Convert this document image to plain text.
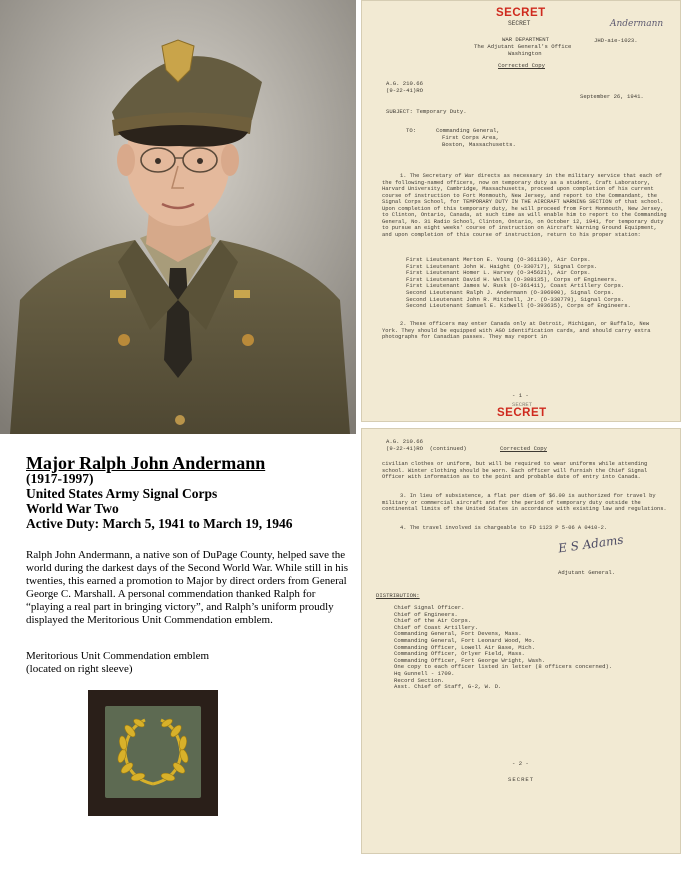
SECRET
SECRET	Andermann
WAR DEPARTMENT
The Adjutant General's Office
Washington
JHD-aie-1023.
Corrected Copy
A.G. 210.66
(9-22-41)RO
September 26, 1941.
SUBJECT: Temporary Duty.
TO:	Commanding General,
First Corps Area,
Boston, Massachusetts.
1. The Secretary of War directs as necessary in the military service that each of the following-named officers, now on temporary duty as a student, Craft Laboratory, Harvard University, Cambridge, Massachusetts, proceed upon completion of his current course of instruction to Fort Monmouth, New Jersey, and report to the Commandant, the Signal Corps School, for TEMPORARY DUTY IN THE AIRCRAFT WARNING SECTION of that school. Upon completion of this temporary duty, he will proceed from Fort Monmouth, New Jersey, to Clinton, Ontario, Canada, at such time as will enable him to report to the Commanding General, No. 31 Radio School, Clinton, Ontario, on October 12, 1941, for temporary duty to pursue an eight weeks' course of instruction on Aircraft Warning Ground Equipment, and upon completion of this course of instruction, return to his proper station:
First Lieutenant Merton E. Young (O-361130), Air Corps.
First Lieutenant John W. Haight (O-330717), Signal Corps.
First Lieutenant Homer L. Harvey (O-345621), Air Corps.
First Lieutenant David H. Wells (O-308135), Corps of Engineers.
First Lieutenant James W. Rusk (O-361411), Coast Artillery Corps.
Second Lieutenant Ralph J. Andermann (O-396990), Signal Corps.
Second Lieutenant John R. Mitchell, Jr. (O-330779), Signal Corps.
Second Lieutenant Samuel E. Kidwell (O-393635), Corps of Engineers.
2. These officers may enter Canada only at Detroit, Michigan, or Buffalo, New York. They should be equipped with AGO identification cards, and should carry extra photographs for Canadian passes. They may report in
- 1 -
SECRET
SECRET
A.G. 210.66
(9-22-41)RO  (continued)	Corrected Copy
civilian clothes or uniform, but will be required to wear uniforms while attending school. Winter clothing should be worn. Each officer will furnish the Chief Signal Officer with information as to the point and probable date of entry into Canada.
3. In lieu of subsistence, a flat per diem of $6.00 is authorized for travel by military or commercial aircraft and for the period of temporary duty outside the continental limits of the United States in accordance with existing law and regulations.
4. The travel involved is chargeable to FD 1123 P 5-06 A 0410-2.
E S Adams
Adjutant General.
DISTRIBUTION:
Chief Signal Officer.
Chief of Engineers.
Chief of the Air Corps.
Chief of Coast Artillery.
Commanding General, Fort Devens, Mass.
Commanding General, Fort Leonard Wood, Mo.
Commanding Officer, Lowell Air Base, Mich.
Commanding Officer, Orlyer Field, Mass.
Commanding Officer, Fort George Wright, Wash.
One copy to each officer listed in letter (8 officers concerned).
Hq Gunnell - 1709.
Record Section.
Asst. Chief of Staff, G-2, W. D.
- 2 -
SECRET
Major Ralph John Andermann
(1917-1997)
United States Army Signal Corps
World War Two
Active Duty: March 5, 1941 to March 19, 1946
Ralph John Andermann, a native son of DuPage County, helped save the world during the darkest days of the Second World War. While still in his twenties, this earned a promotion to Major by direct orders from General George C. Marshall. A personal commendation thanked Ralph for “playing a real part in bringing victory”, and Ralph’s uniform proudly displayed the Meritorious Unit Commendation emblem.
Meritorious Unit Commendation emblem
(located on right sleeve)
